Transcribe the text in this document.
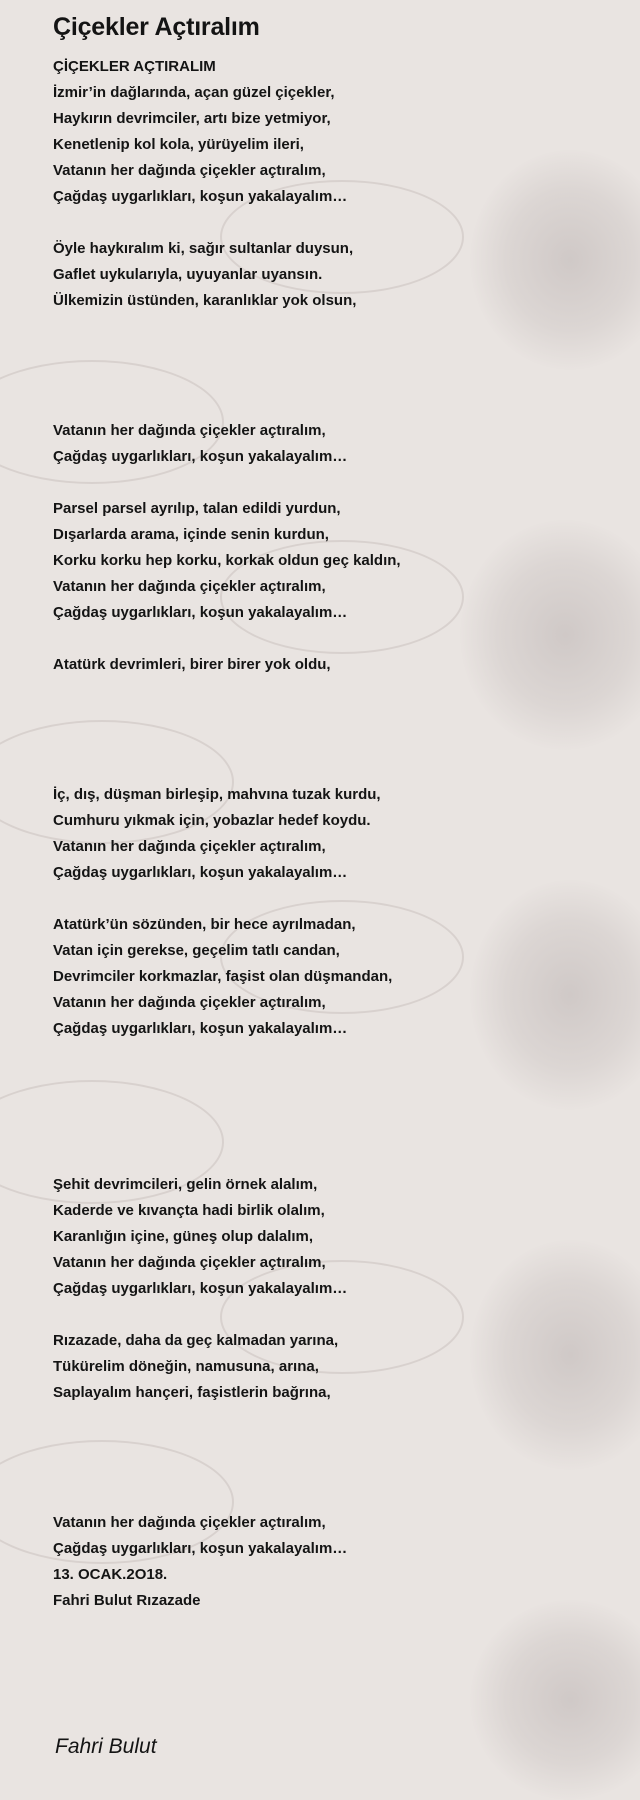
Çiçekler Açtıralım
ÇİÇEKLER AÇTIRALIM
İzmir’in dağlarında, açan güzel çiçekler,
Haykırın devrimciler, artı bize yetmiyor,
Kenetlenip kol kola, yürüyelim ileri,
Vatanın her dağında çiçekler açtıralım,
Çağdaş uygarlıkları, koşun yakalayalım…
Öyle haykıralım ki, sağır sultanlar duysun,
Gaflet uykularıyla, uyuyanlar uyansın.
Ülkemizin üstünden, karanlıklar yok olsun,
Vatanın her dağında çiçekler açtıralım,
Çağdaş uygarlıkları, koşun yakalayalım…
Parsel parsel ayrılıp, talan edildi yurdun,
Dışarlarda arama, içinde senin kurdun,
Korku korku hep korku, korkak oldun geç kaldın,
Vatanın her dağında çiçekler açtıralım,
Çağdaş uygarlıkları, koşun yakalayalım…
Atatürk devrimleri, birer birer yok oldu,
İç, dış, düşman birleşip, mahvına tuzak kurdu,
Cumhuru yıkmak için, yobazlar hedef koydu.
Vatanın her dağında çiçekler açtıralım,
Çağdaş uygarlıkları, koşun yakalayalım…
Atatürk’ün sözünden, bir hece ayrılmadan,
Vatan için gerekse, geçelim tatlı candan,
Devrimciler korkmazlar, faşist olan düşmandan,
Vatanın her dağında çiçekler açtıralım,
Çağdaş uygarlıkları, koşun yakalayalım…
Şehit devrimcileri, gelin örnek alalım,
Kaderde ve kıvançta hadi birlik olalım,
Karanlığın içine, güneş olup dalalım,
Vatanın her dağında çiçekler açtıralım,
Çağdaş uygarlıkları, koşun yakalayalım…
Rızazade, daha da geç kalmadan yarına,
Tükürelim döneğin, namusuna, arına,
Saplayalım hançeri, faşistlerin bağrına,
Vatanın her dağında çiçekler açtıralım,
Çağdaş uygarlıkları, koşun yakalayalım…
13. OCAK.2O18.
Fahri Bulut Rızazade
Fahri Bulut
